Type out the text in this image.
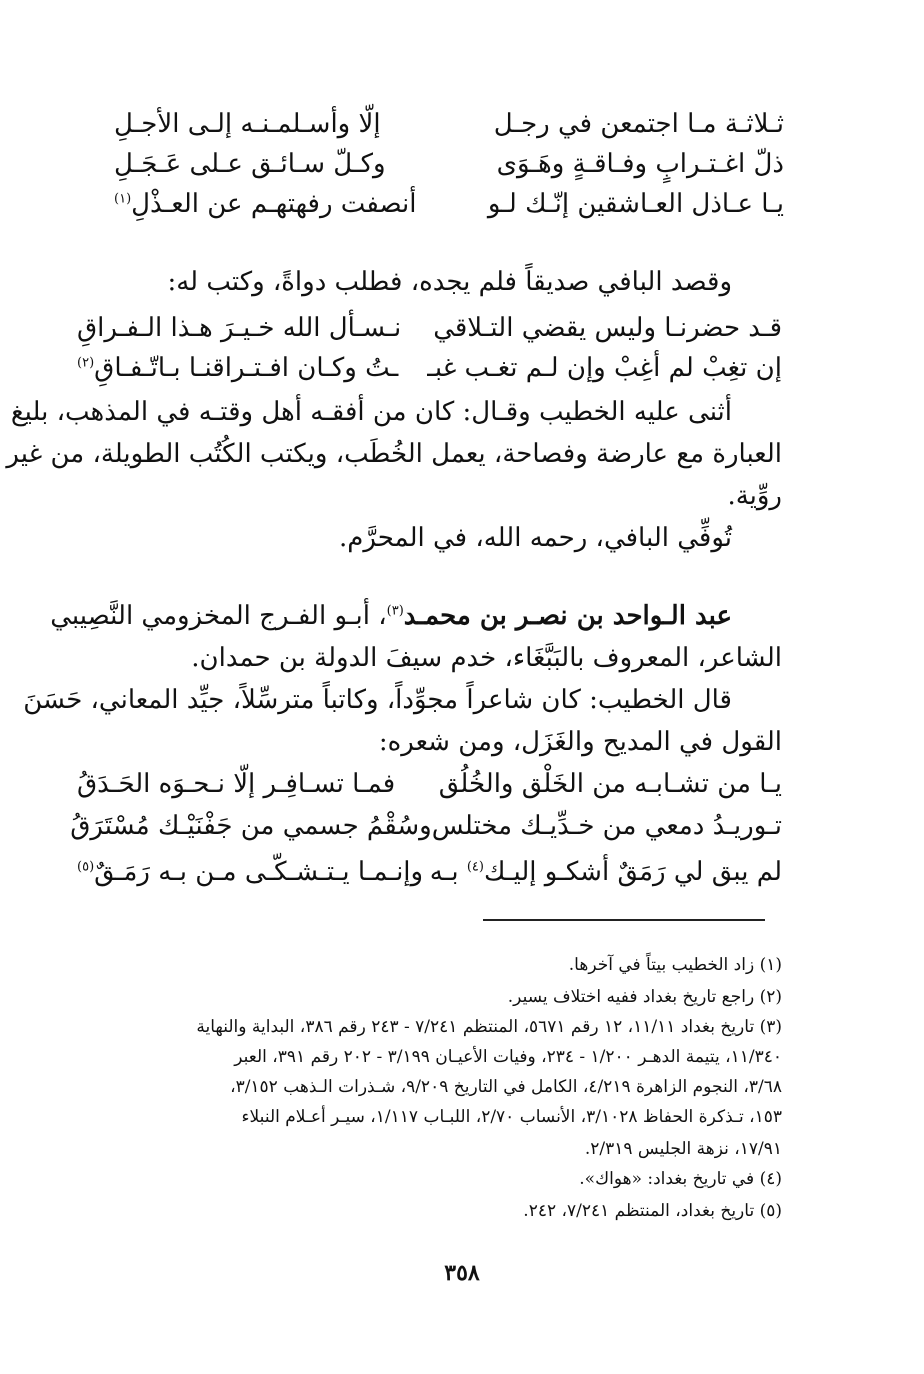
ثـلاثـة مـا اجتمعن في رجـل
إلّا وأسـلمـنـه إلـى الأجـلِ
ذلّ اغـتـرابٍ وفـاقـةٍ وهَـوَى
وكـلّ سـائـق عـلى عَـجَـلِ
يـا عـاذل العـاشقين إنّـك لـو
أنصفت رفهتهـم عن العـذْلِ$^{(١)}$
وقصد البافي صديقاً فلم يجده، فطلب دواةً، وكتب له:
قـد حضرنـا وليس يقضي التـلاقي
نـسـأل الله خـيـرَ هـذا الـفـراقِ
إن تغِبْ لم أغِبْ وإن لـم تغـب غبـ
ـتُ وكـان افـتـراقنـا بـاتّـفـاقِ$^{(٢)}$
أثنى عليه الخطيب وقـال: كان من أفقـه أهل وقتـه في المذهب، بليغ
العبارة مع عارضة وفصاحة، يعمل الخُطَب، ويكتب الكُتُب الطويلة، من غير
روِّية.
تُوفِّي البافي، رحمه الله، في المحرَّم.
عبد الـواحد بن نصـر بن محمـد$^{(٣)}$، أبـو الفـرج المخزومي النَّصِيبي
الشاعر، المعروف بالبَبَّغَاء، خدم سيفَ الدولة بن حمدان.
قال الخطيب: كان شاعراً مجوِّداً، وكاتباً مترسِّلاً، جيِّد المعاني، حَسَنَ
القول في المديح والغَزَل، ومن شعره:
يـا من تشـابـه من الخَلْق والخُلُق
فمـا تسـافِـر إلّا نـحـوَه الحَـدَقُ
تـوريـدُ دمعي من خـدِّيـك مختلس
وسُقْمُ جسمي من جَفْنَيْـك مُسْتَرَقُ
لم يبق لي رَمَقٌ أشكـو إليـك$^{(٤)}$ بـه
وإنـمـا يـتـشـكّـى مـن بـه رَمَـقٌ$^{(٥)}$
(١) زاد الخطيب بيتاً في آخرها.
(٢) راجع تاريخ بغداد ففيه اختلاف يسير.
(٣) تاريخ بغداد ١١/١١، ١٢ رقم ٥٦٧١، المنتظم ٧/٢٤١ - ٢٤٣ رقم ٣٨٦، البداية والنهاية
١١/٣٤٠، يتيمة الدهـر ١/٢٠٠ - ٢٣٤، وفيات الأعيـان ٣/١٩٩ - ٢٠٢ رقم ٣٩١، العبر
٣/٦٨، النجوم الزاهرة ٤/٢١٩، الكامل في التاريخ ٩/٢٠٩، شـذرات الـذهب ٣/١٥٢،
١٥٣، تـذكرة الحفاظ ٣/١٠٢٨، الأنساب ٢/٧٠، اللبـاب ١/١١٧، سيـر أعـلام النبلاء
١٧/٩١، نزهة الجليس ٢/٣١٩.
(٤) في تاريخ بغداد: «هواك».
(٥) تاريخ بغداد، المنتظم ٧/٢٤١، ٢٤٢.
٣٥٨
